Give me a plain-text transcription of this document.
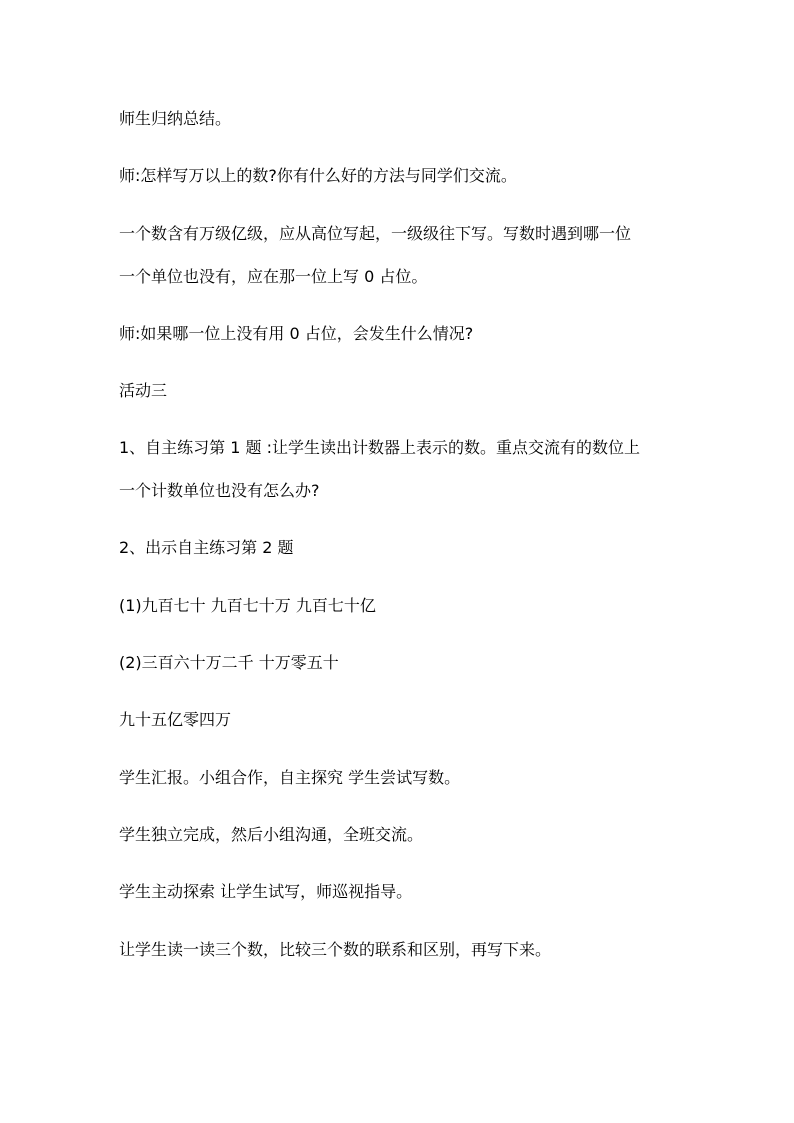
师生归纳总结。
师:怎样写万以上的数?你有什么好的方法与同学们交流。
一个数含有万级亿级，应从高位写起，一级级往下写。写数时遇到哪一位
一个单位也没有，应在那一位上写 0 占位。
师:如果哪一位上没有用 0 占位，会发生什么情况?
活动三
1、自主练习第 1 题 :让学生读出计数器上表示的数。重点交流有的数位上
一个计数单位也没有怎么办?
2、出示自主练习第 2 题
(1)九百七十 九百七十万 九百七十亿
(2)三百六十万二千 十万零五十
九十五亿零四万
学生汇报。小组合作，自主探究 学生尝试写数。
学生独立完成，然后小组沟通，全班交流。
学生主动探索 让学生试写，师巡视指导。
让学生读一读三个数，比较三个数的联系和区别，再写下来。
